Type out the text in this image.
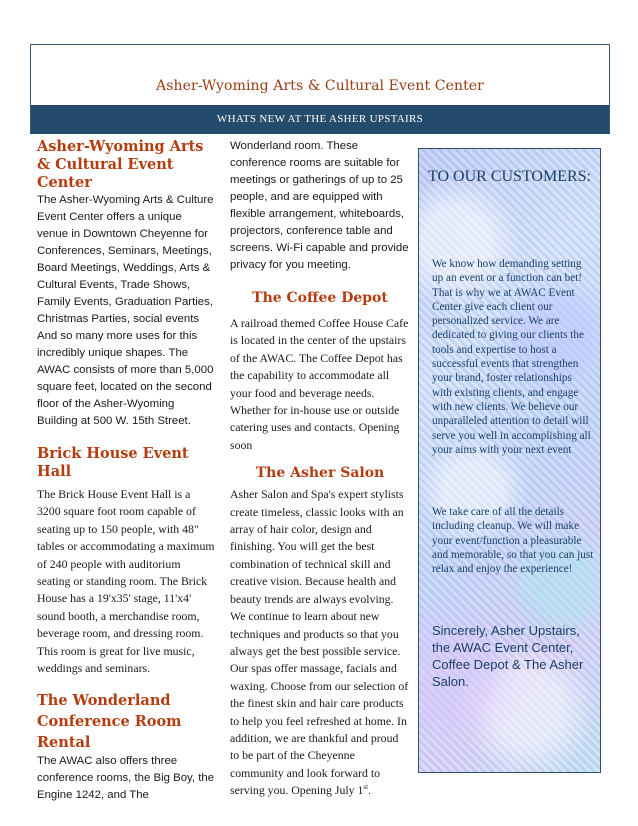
Asher-Wyoming Arts & Cultural Event Center
WHATS NEW AT THE ASHER UPSTAIRS
Asher-Wyoming Arts & Cultural Event Center

The Asher-Wyoming Arts & Culture Event Center offers a unique venue in Downtown Cheyenne for Conferences, Seminars, Meetings, Board Meetings, Weddings, Arts & Cultural Events, Trade Shows, Family Events, Graduation Parties, Christmas Parties, social events And so many more uses for this incredibly unique shapes. The AWAC consists of more than 5,000 square feet, located on the second floor of the Asher-Wyoming Building at 500 W. 15th Street.

Brick House Event Hall

The Brick House Event Hall is a 3200 square foot room capable of seating up to 150 people, with 48" tables or accommodating a maximum of 240 people with auditorium seating or standing room. The Brick House has a 19'x35' stage, 11'x4' sound booth, a merchandise room, beverage room, and dressing room. This room is great for live music, weddings and seminars.

The Wonderland Conference Room Rental

The AWAC also offers three conference rooms, the Big Boy, the Engine 1242, and The

Wonderland room. These conference rooms are suitable for meetings or gatherings of up to 25 people, and are equipped with flexible arrangement, whiteboards, projectors, conference table and screens. Wi-Fi capable and provide privacy for you meeting.

The Coffee Depot

A railroad themed Coffee House Cafe is located in the center of the upstairs of the AWAC. The Coffee Depot has the capability to accommodate all your food and beverage needs. Whether for in-house use or outside catering uses and contacts. Opening soon

The Asher Salon

Asher Salon and Spa's expert stylists create timeless, classic looks with an array of hair color, design and finishing. You will get the best combination of technical skill and creative vision. Because health and beauty trends are always evolving. We continue to learn about new techniques and products so that you always get the best possible service. Our spas offer massage, facials and waxing. Choose from our selection of the finest skin and hair care products to help you feel refreshed at home. In addition, we are thankful and proud to be part of the Cheyenne community and look forward to serving you. Opening July 1st.

TO OUR CUSTOMERS:

We know how demanding setting up an event or a function can bet! That is why we at AWAC Event Center give each client our personalized service. We are dedicated to giving our clients the tools and expertise to host a successful events that strengthen your brand, foster relationships with existing clients, and engage with new clients. We believe our unparalleled attention to detail will serve you well in accomplishing all your aims with your next event

We take care of all the details including cleanup. We will make your event/function a pleasurable and memorable, so that you can just relax and enjoy the experience!

Sincerely, Asher Upstairs, the AWAC Event Center, Coffee Depot & The Asher Salon.
